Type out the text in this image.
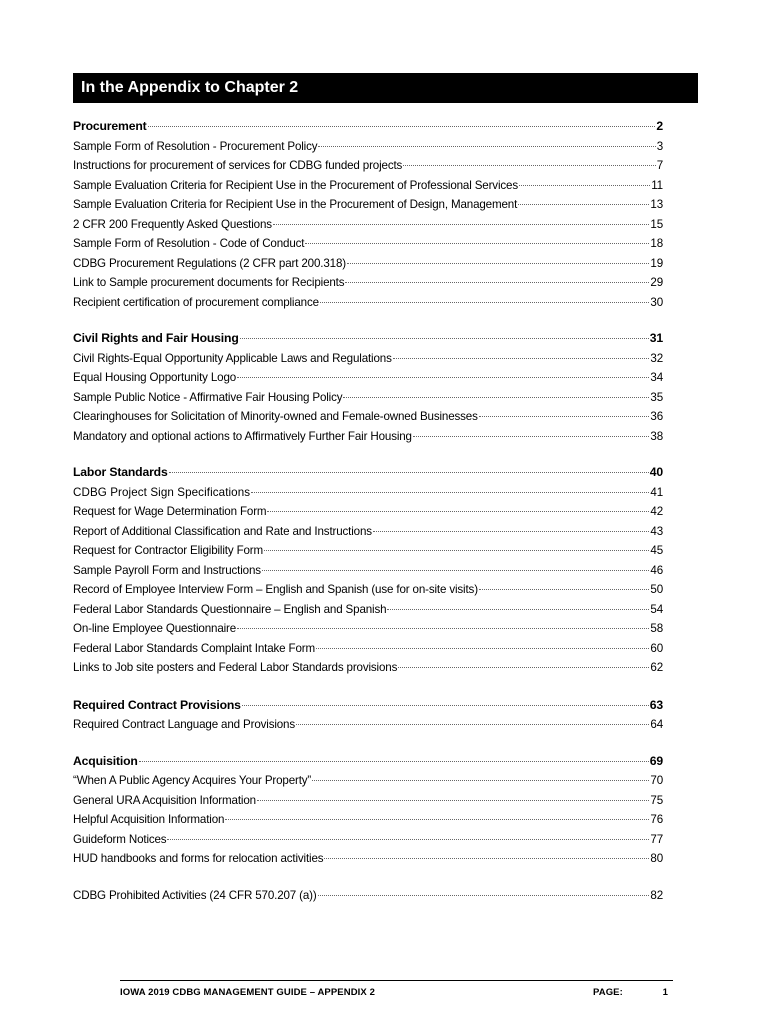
In the Appendix to Chapter 2
Procurement	2
Sample Form of Resolution - Procurement Policy	3
Instructions for procurement of services for CDBG funded projects	7
Sample Evaluation Criteria for Recipient Use in the Procurement of Professional Services	11
Sample Evaluation Criteria for Recipient Use in the Procurement of Design, Management	13
2 CFR 200 Frequently Asked Questions	15
Sample Form of Resolution - Code of Conduct	18
CDBG Procurement Regulations (2 CFR part 200.318)	19
Link to Sample procurement documents for Recipients	29
Recipient certification of procurement compliance	30
Civil Rights and Fair Housing	31
Civil Rights-Equal Opportunity Applicable Laws and Regulations	32
Equal Housing Opportunity Logo	34
Sample Public Notice - Affirmative Fair Housing Policy	35
Clearinghouses for Solicitation of Minority-owned and Female-owned Businesses	36
Mandatory and optional actions to Affirmatively Further Fair Housing	38
Labor Standards	40
CDBG Project Sign Specifications	41
Request for Wage Determination Form	42
Report of Additional Classification and Rate and Instructions	43
Request for Contractor Eligibility Form	45
Sample Payroll Form and Instructions	46
Record of Employee Interview Form – English and Spanish (use for on-site visits)	50
Federal Labor Standards Questionnaire – English and Spanish	54
On-line Employee Questionnaire	58
Federal Labor Standards Complaint Intake Form	60
Links to Job site posters and Federal Labor Standards provisions	62
Required Contract Provisions	63
Required Contract Language and Provisions	64
Acquisition	69
“When A Public Agency Acquires Your Property”	70
General URA Acquisition Information	75
Helpful Acquisition Information	76
Guideform Notices	77
HUD handbooks and forms for relocation activities	80
CDBG Prohibited Activities (24 CFR 570.207 (a))	82
IOWA 2019 CDBG MANAGEMENT GUIDE – APPENDIX 2	PAGE:	1
